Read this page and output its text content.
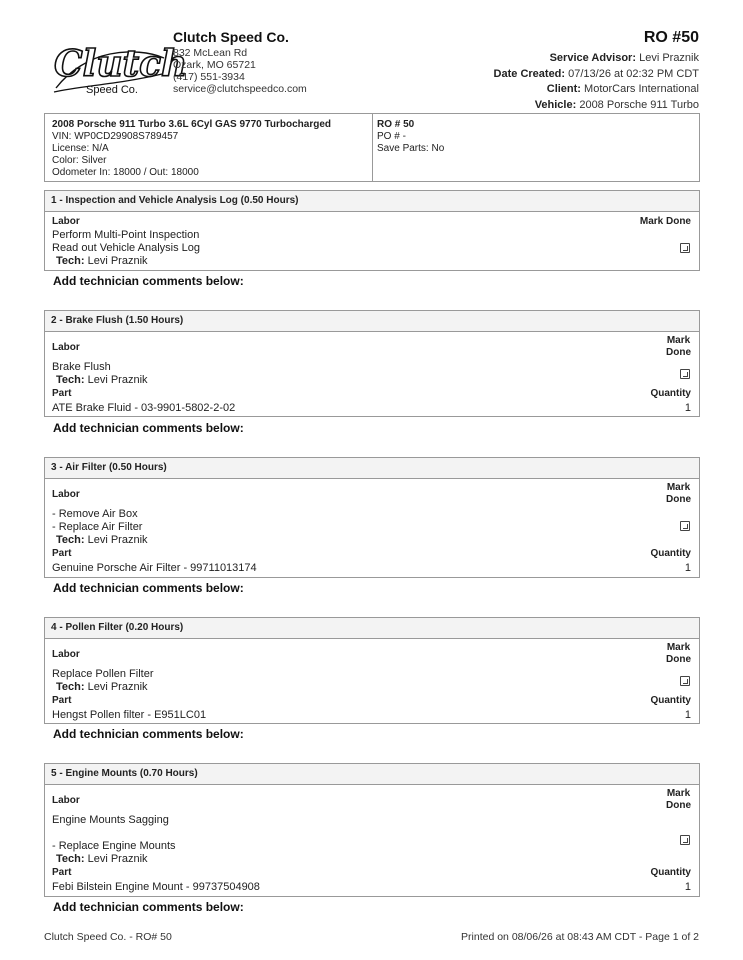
Clutch
Speed Co.
Clutch Speed Co.
832 McLean Rd
Ozark, MO 65721
(417) 551-3934
service@clutchspeedco.com
RO #50
Service Advisor: Levi Praznik
Date Created: 07/13/26 at 02:32 PM CDT
Client: MotorCars International
Vehicle: 2008 Porsche 911 Turbo
2008 Porsche 911 Turbo 3.6L 6Cyl GAS 9770 Turbocharged
VIN: WP0CD29908S789457
License: N/A
Color: Silver
Odometer In: 18000 / Out: 18000
RO # 50
PO # -
Save Parts: No
1 - Inspection and Vehicle Analysis Log (0.50 Hours)
Labor	Mark Done
Perform Multi-Point Inspection
Read out Vehicle Analysis Log
Tech: Levi Praznik
Add technician comments below:
2 - Brake Flush (1.50 Hours)
Labor
Mark
Done
Brake Flush
Tech: Levi Praznik
Part	Quantity
ATE Brake Fluid - 03-9901-5802-2-02	1
Add technician comments below:
3 - Air Filter (0.50 Hours)
Labor
Mark
Done
- Remove Air Box
- Replace Air Filter
Tech: Levi Praznik
Part	Quantity
Genuine Porsche Air Filter - 99711013174	1
Add technician comments below:
4 - Pollen Filter (0.20 Hours)
Labor
Mark
Done
Replace Pollen Filter
Tech: Levi Praznik
Part	Quantity
Hengst Pollen filter - E951LC01	1
Add technician comments below:
5 - Engine Mounts (0.70 Hours)
Labor
Mark
Done
Engine Mounts Sagging
- Replace Engine Mounts
Tech: Levi Praznik
Part	Quantity
Febi Bilstein Engine Mount - 99737504908	1
Add technician comments below:
Clutch Speed Co. - RO# 50	Printed on 08/06/26 at 08:43 AM CDT - Page 1 of 2
